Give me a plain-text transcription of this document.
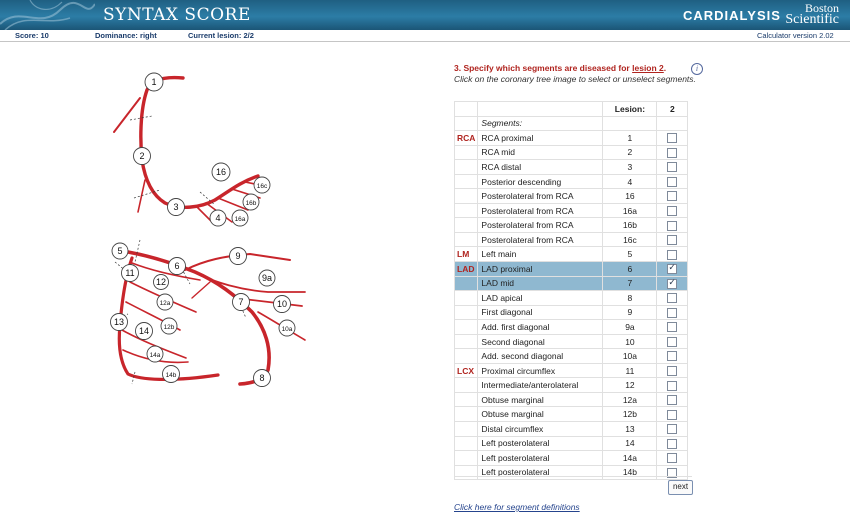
SYNTAX SCORE	CARDIALYSIS	Boston
Scientific
Score: 10	Dominance: right	Current lesion: 2/2	Calculator version 2.02
1
2
3
4
16
16a
16b
16c
5
6
7
8
9
9a
10
10a
11
12
12a
12b
13
14
14a
14b
3. Specify which segments are diseased for lesion 2.	i
Click on the coronary tree image to select or unselect segments.
		Lesion:	2
	Segments:		
RCA	RCA proximal	1	
	RCA mid	2	
	RCA distal	3	
	Posterior descending	4	
	Posterolateral from RCA	16	
	Posterolateral from RCA	16a	
	Posterolateral from RCA	16b	
	Posterolateral from RCA	16c	
LM	Left main	5	
LAD	LAD proximal	6	✓
	LAD mid	7	✓
	LAD apical	8	
	First diagonal	9	
	Add. first diagonal	9a	
	Second diagonal	10	
	Add. second diagonal	10a	
LCX	Proximal circumflex	11	
	Intermediate/anterolateral	12	
	Obtuse marginal	12a	
	Obtuse marginal	12b	
	Distal circumflex	13	
	Left posterolateral	14	
	Left posterolateral	14a	
	Left posterolateral	14b	
next
Click here for segment definitions
